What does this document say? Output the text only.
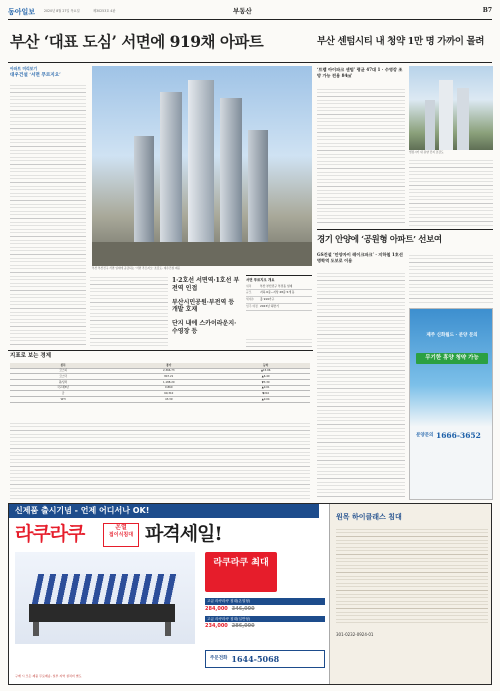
동아일보	2020년 8월 27일 목요일	제30253호 4판	부동산	B7
부산 ‘대표 도심’ 서면에 919채 아파트	부산 센텀시티 내 청약 1만 명 가까이 몰려
아파트 미리보기
대우건설 ‘서면 푸르지오’
부산 부산진구 서면 일대에 공급되는 ‘서면 푸르지오’ 조감도. 대우건설 제공
1·2호선 서면역·1호선 부전역 인접
부산시민공원·부전역 등 개발 호재
단지 내에 스카이라운지·수영장 등
서면 푸르지오 개요
위치	부산 부산진구 부전동 일대
규모	지하 6층~지상 48층 5개 동
세대수	총 919가구
입주 예정 2023년 하반기
‘트랩 아이파크 센텀’ 평균 47대 1 · 수영강 조망 가능 전용 84㎡
센텀시티 내 분양 단지 조감도
경기 안양에 ‘공원형 아파트’ 선보여
GS건설 ‘안양자이 레이크파크’ · 지하철 1호선 명학역 도보로 이용
제주 신화월드 · 분양 문의
무기한 휴양 청약 가능
분양문의 1666-3652
지표로 보는 경제
종목	종가	등락
코스피	2,366.73	▲15.06
코스닥	847.21	▲6.40
원/달러	1,188.20	▼3.30
국고채3년	0.860	▲0.01
금	69,310	▼210
WTI	43.39	▲0.04
신제품 출시기념 - 언제 어디서나 OK!
라쿠라쿠	온열
접이식침대 파격세일!
라쿠라쿠 최대
고급 라쿠라쿠 침대(온열형)
284,000 346,000
고급 라쿠라쿠 침대(일반형)
234,000 286,000
원목 하이클래스 침대
301-0232-0924-01
주문전화 1644-5068
구매 시 모든 제품 무료배송, 일부 지역 설치비 별도
